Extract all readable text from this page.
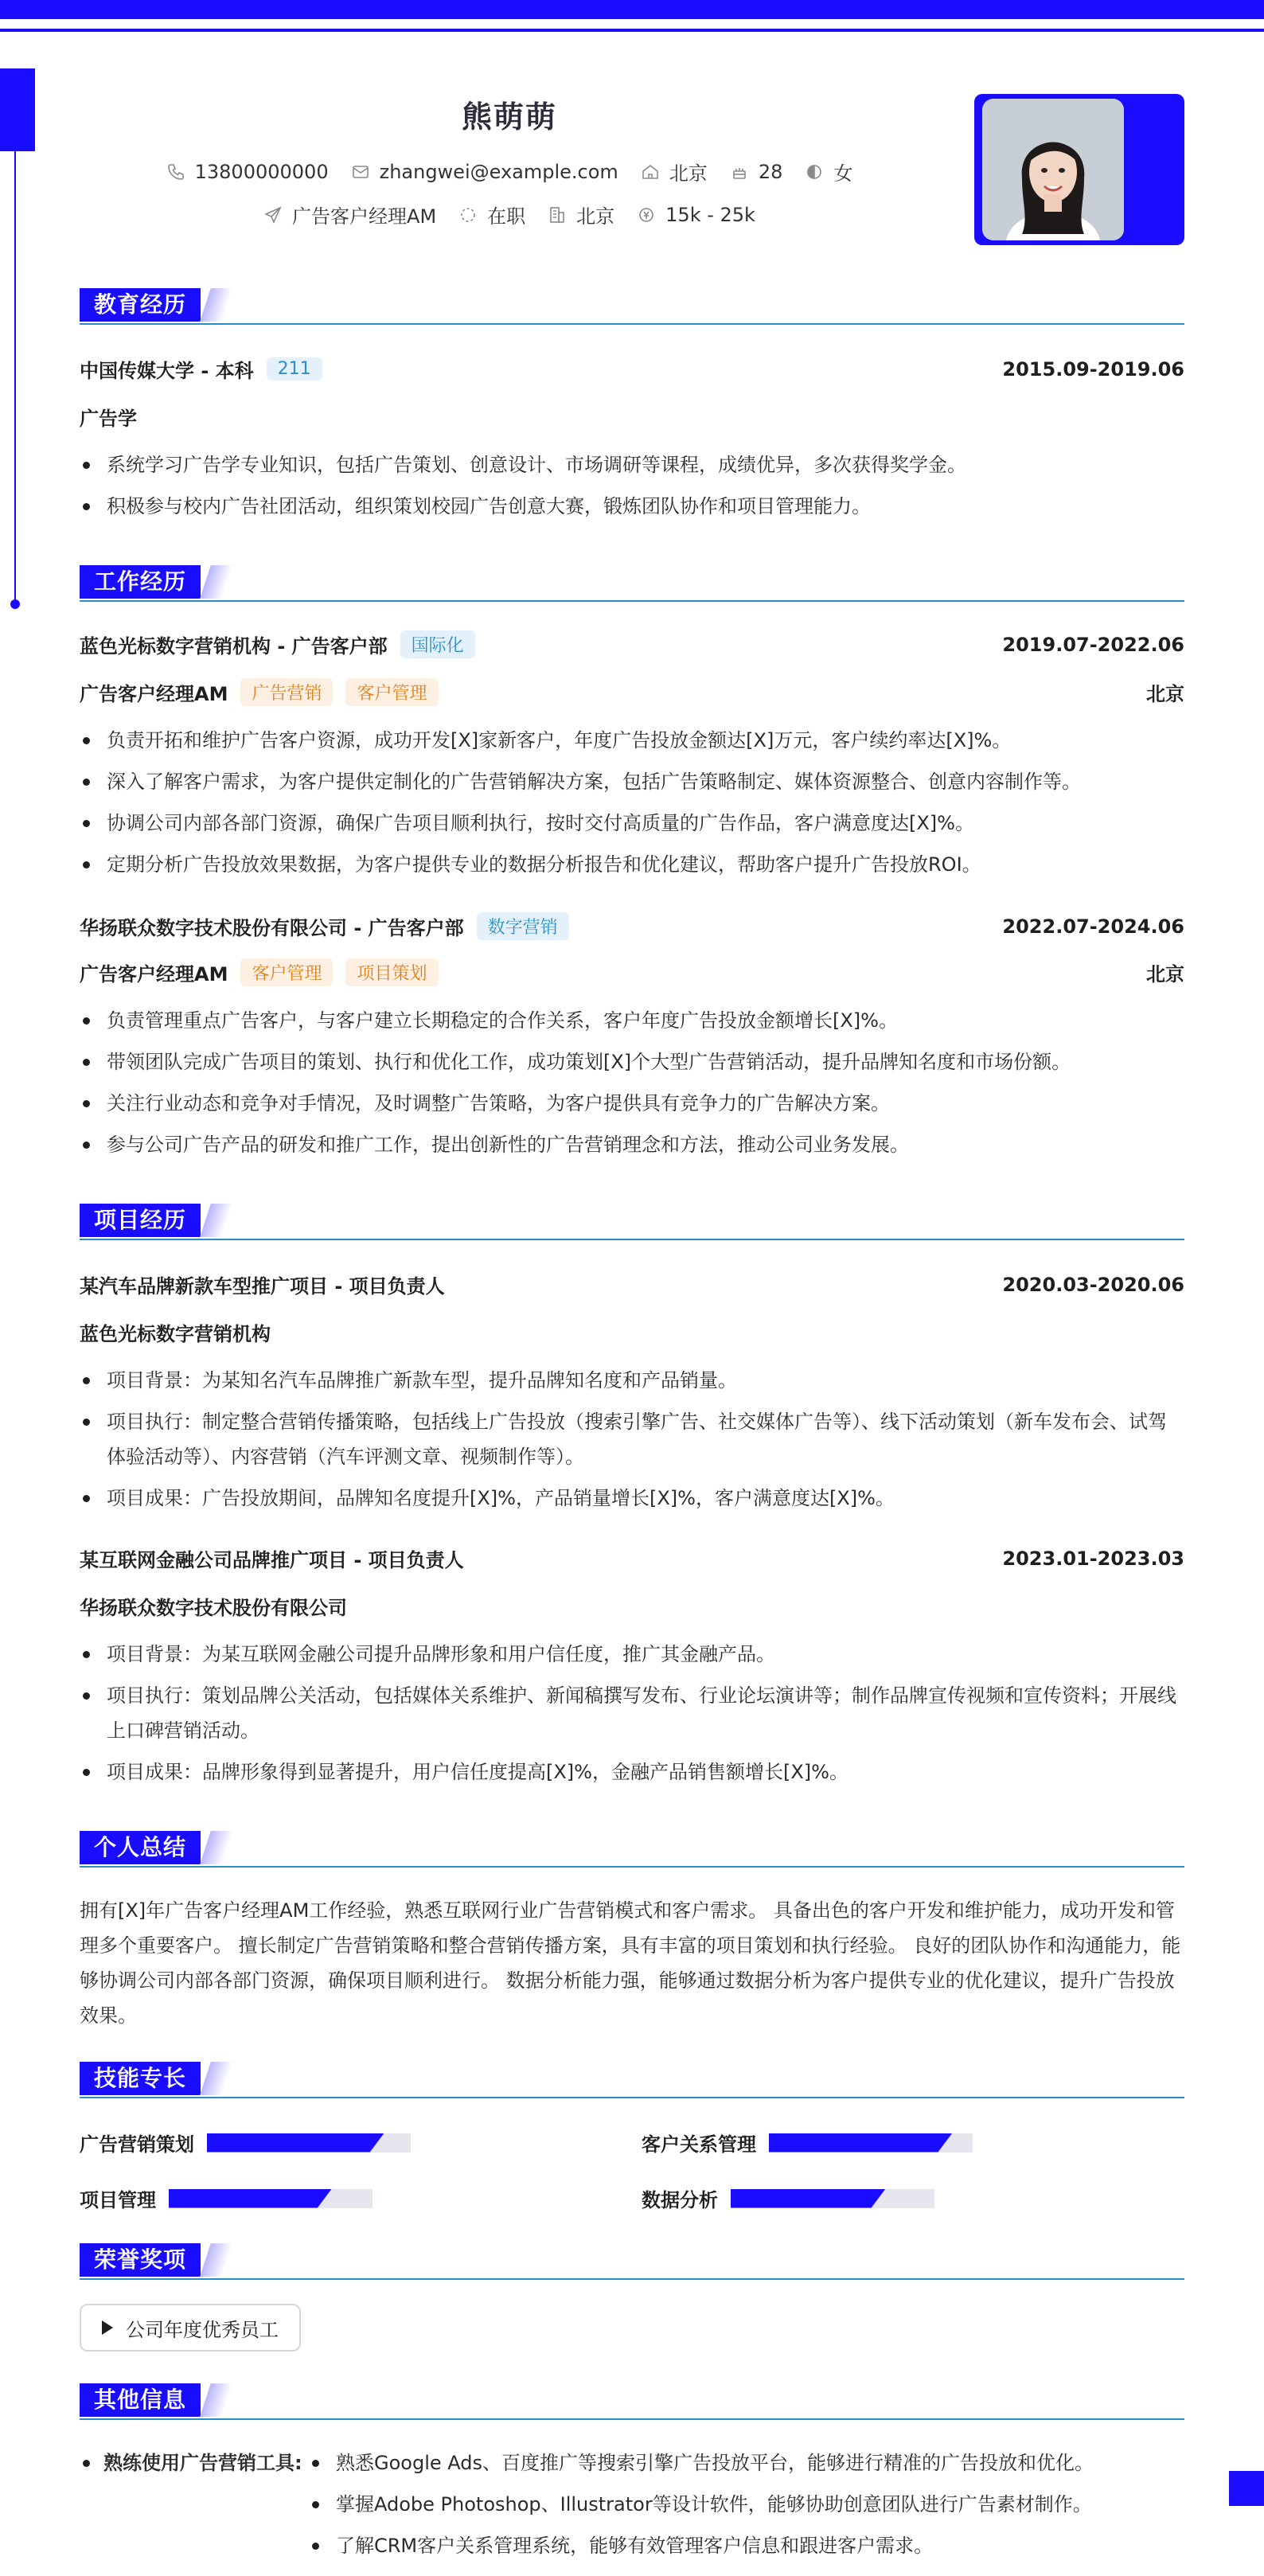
熊萌萌
13800000000	zhangwei@example.com	北京	28	女
广告客户经理AM	在职	北京	15k - 25k
教育经历
中国传媒大学 - 本科	211	2015.09-2019.06
广告学
系统学习广告学专业知识，包括广告策划、创意设计、市场调研等课程，成绩优异，多次获得奖学金。
积极参与校内广告社团活动，组织策划校园广告创意大赛，锻炼团队协作和项目管理能力。
工作经历
蓝色光标数字营销机构 - 广告客户部	国际化	2019.07-2022.06
广告客户经理AM	广告营销	客户管理	北京
负责开拓和维护广告客户资源，成功开发[X]家新客户，年度广告投放金额达[X]万元，客户续约率达[X]%。
深入了解客户需求，为客户提供定制化的广告营销解决方案，包括广告策略制定、媒体资源整合、创意内容制作等。
协调公司内部各部门资源，确保广告项目顺利执行，按时交付高质量的广告作品，客户满意度达[X]%。
定期分析广告投放效果数据，为客户提供专业的数据分析报告和优化建议，帮助客户提升广告投放ROI。
华扬联众数字技术股份有限公司 - 广告客户部	数字营销	2022.07-2024.06
广告客户经理AM	客户管理	项目策划	北京
负责管理重点广告客户，与客户建立长期稳定的合作关系，客户年度广告投放金额增长[X]%。
带领团队完成广告项目的策划、执行和优化工作，成功策划[X]个大型广告营销活动，提升品牌知名度和市场份额。
关注行业动态和竞争对手情况，及时调整广告策略，为客户提供具有竞争力的广告解决方案。
参与公司广告产品的研发和推广工作，提出创新性的广告营销理念和方法，推动公司业务发展。
项目经历
某汽车品牌新款车型推广项目 - 项目负责人	2020.03-2020.06
蓝色光标数字营销机构
项目背景：为某知名汽车品牌推广新款车型，提升品牌知名度和产品销量。
项目执行：制定整合营销传播策略，包括线上广告投放（搜索引擎广告、社交媒体广告等）、线下活动策划（新车发布会、试驾体验活动等）、内容营销（汽车评测文章、视频制作等）。
项目成果：广告投放期间，品牌知名度提升[X]%，产品销量增长[X]%，客户满意度达[X]%。
某互联网金融公司品牌推广项目 - 项目负责人	2023.01-2023.03
华扬联众数字技术股份有限公司
项目背景：为某互联网金融公司提升品牌形象和用户信任度，推广其金融产品。
项目执行：策划品牌公关活动，包括媒体关系维护、新闻稿撰写发布、行业论坛演讲等；制作品牌宣传视频和宣传资料；开展线上口碑营销活动。
项目成果：品牌形象得到显著提升，用户信任度提高[X]%，金融产品销售额增长[X]%。
个人总结
拥有[X]年广告客户经理AM工作经验，熟悉互联网行业广告营销模式和客户需求。 具备出色的客户开发和维护能力，成功开发和管理多个重要客户。 擅长制定广告营销策略和整合营销传播方案，具有丰富的项目策划和执行经验。 良好的团队协作和沟通能力，能够协调公司内部各部门资源，确保项目顺利进行。 数据分析能力强，能够通过数据分析为客户提供专业的优化建议，提升广告投放效果。
技能专长
广告营销策划	客户关系管理
项目管理	数据分析
荣誉奖项
公司年度优秀员工
其他信息
熟练使用广告营销工具:	熟悉Google Ads、百度推广等搜索引擎广告投放平台，能够进行精准的广告投放和优化。
掌握Adobe Photoshop、Illustrator等设计软件，能够协助创意团队进行广告素材制作。
了解CRM客户关系管理系统，能够有效管理客户信息和跟进客户需求。
